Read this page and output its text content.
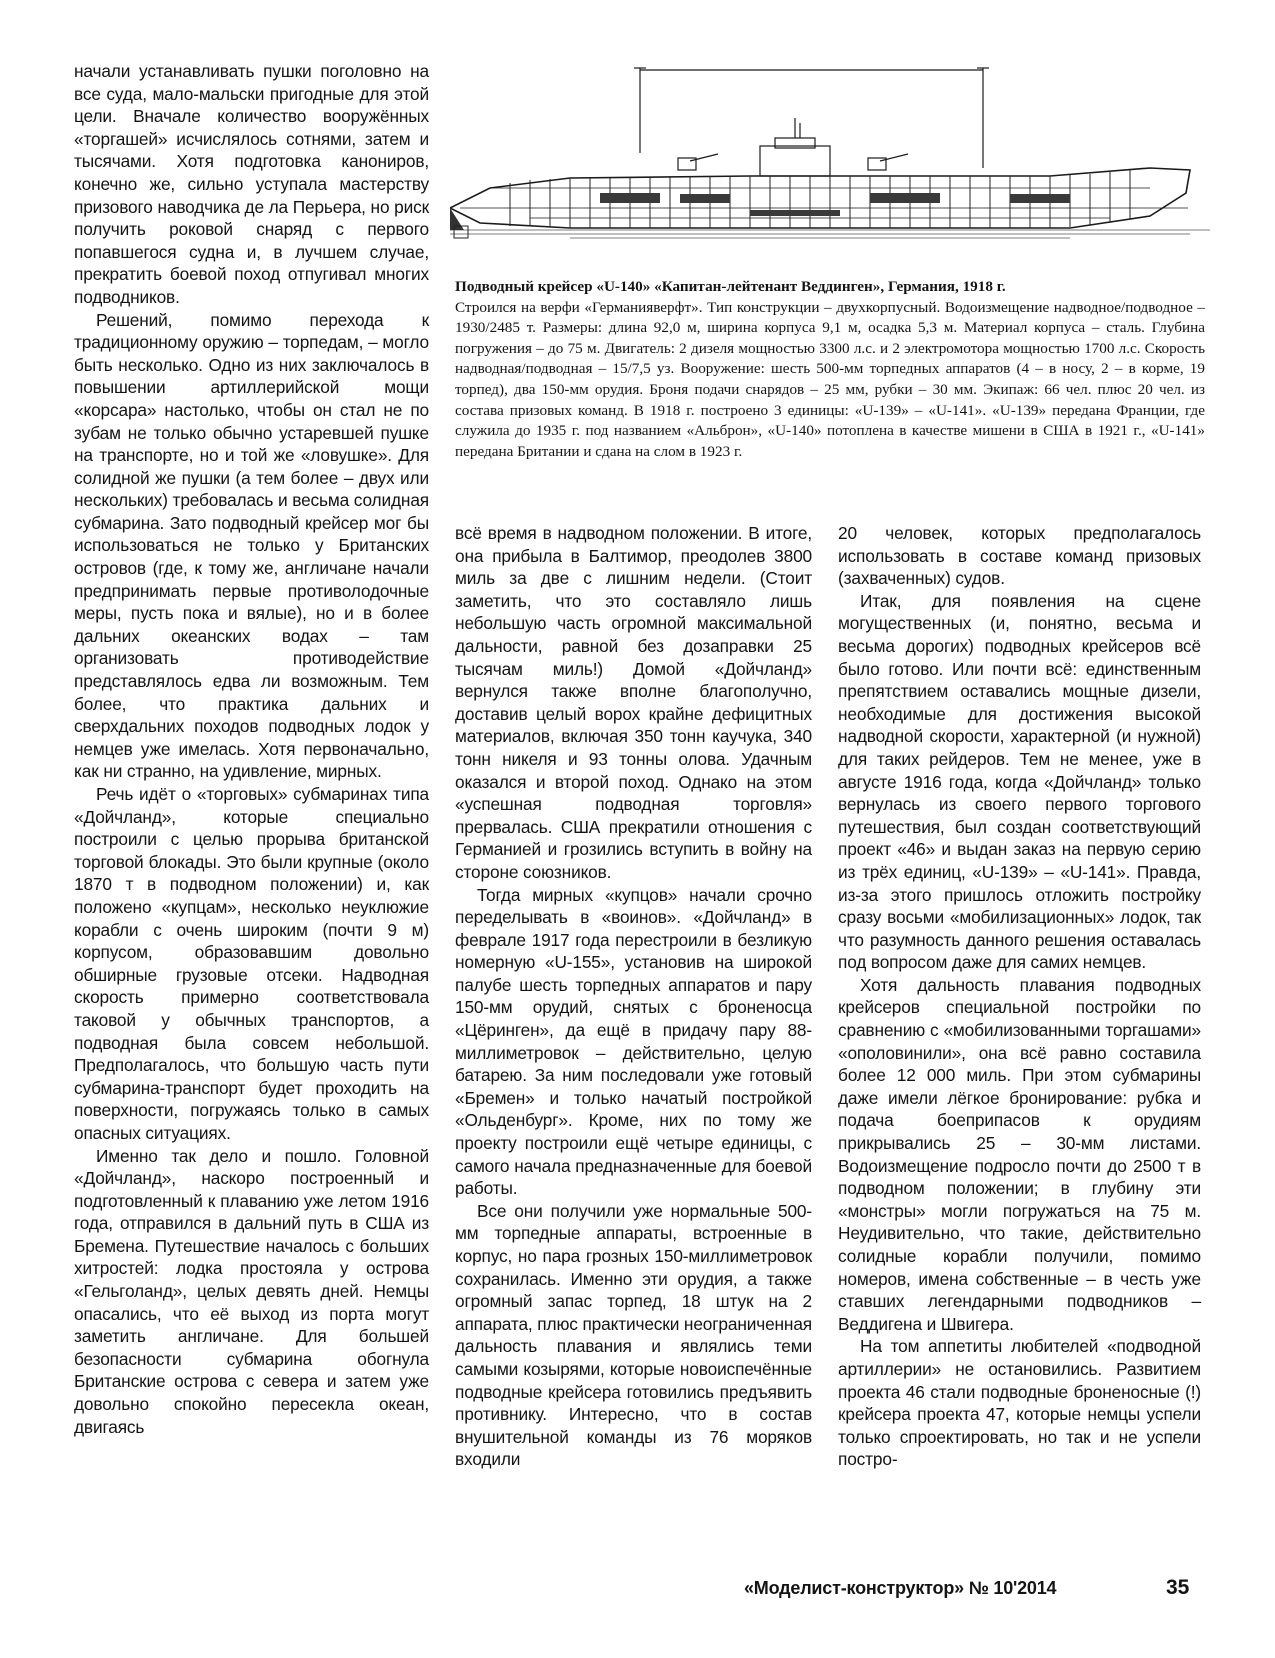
начали устанавливать пушки поголовно на все суда, мало-мальски пригодные для этой цели. Вначале количество вооружённых «торгашей» исчислялось сотнями, затем и тысячами. Хотя подготовка канониров, конечно же, сильно уступала мастерству призового наводчика де ла Перьера, но риск получить роковой снаряд с первого попавшегося судна и, в лучшем случае, прекратить боевой поход отпугивал многих подводников.

Решений, помимо перехода к традиционному оружию – торпедам, – могло быть несколько. Одно из них заключалось в повышении артиллерийской мощи «корсара» настолько, чтобы он стал не по зубам не только обычно устаревшей пушке на транспорте, но и той же «ловушке». Для солидной же пушки (а тем более – двух или нескольких) требовалась и весьма солидная субмарина. Зато подводный крейсер мог бы использоваться не только у Британских островов (где, к тому же, англичане начали предпринимать первые противолодочные меры, пусть пока и вялые), но и в более дальних океанских водах – там организовать противодействие представлялось едва ли возможным. Тем более, что практика дальних и сверхдальних походов подводных лодок у немцев уже имелась. Хотя первоначально, как ни странно, на удивление, мирных.

Речь идёт о «торговых» субмаринах типа «Дойчланд», которые специально построили с целью прорыва британской торговой блокады. Это были крупные (около 1870 т в подводном положении) и, как положено «купцам», несколько неуклюжие корабли с очень широким (почти 9 м) корпусом, образовавшим довольно обширные грузовые отсеки. Надводная скорость примерно соответствовала таковой у обычных транспортов, а подводная была совсем небольшой. Предполагалось, что большую часть пути субмарина-транспорт будет проходить на поверхности, погружаясь только в самых опасных ситуациях.

Именно так дело и пошло. Головной «Дойчланд», наскоро построенный и подготовленный к плаванию уже летом 1916 года, отправился в дальний путь в США из Бремена. Путешествие началось с больших хитростей: лодка простояла у острова «Гельголанд», целых девять дней. Немцы опасались, что её выход из порта могут заметить англичане. Для большей безопасности субмарина обогнула Британские острова с севера и затем уже довольно спокойно пересекла океан, двигаясь

Подводный крейсер «U-140» «Капитан-лейтенант Веддинген», Германия, 1918 г.
Строился на верфи «Германияверфт». Тип конструкции – двухкорпусный. Водоизмещение надводное/подводное – 1930/2485 т. Размеры: длина 92,0 м, ширина корпуса 9,1 м, осадка 5,3 м. Материал корпуса – сталь. Глубина погружения – до 75 м. Двигатель: 2 дизеля мощностью 3300 л.с. и 2 электромотора мощностью 1700 л.с. Скорость надводная/подводная – 15/7,5 уз. Вооружение: шесть 500-мм торпедных аппаратов (4 – в носу, 2 – в корме, 19 торпед), два 150-мм орудия. Броня подачи снарядов – 25 мм, рубки – 30 мм. Экипаж: 66 чел. плюс 20 чел. из состава призовых команд. В 1918 г. построено 3 единицы: «U-139» – «U-141». «U-139» передана Франции, где служила до 1935 г. под названием «Альброн», «U-140» потоплена в качестве мишени в США в 1921 г., «U-141» передана Британии и сдана на слом в 1923 г.

всё время в надводном положении. В итоге, она прибыла в Балтимор, преодолев 3800 миль за две с лишним недели. (Стоит заметить, что это составляло лишь небольшую часть огромной максимальной дальности, равной без дозаправки 25 тысячам миль!) Домой «Дойчланд» вернулся также вполне благополучно, доставив целый ворох крайне дефицитных материалов, включая 350 тонн каучука, 340 тонн никеля и 93 тонны олова. Удачным оказался и второй поход. Однако на этом «успешная подводная торговля» прервалась. США прекратили отношения с Германией и грозились вступить в войну на стороне союзников.

Тогда мирных «купцов» начали срочно переделывать в «воинов». «Дойчланд» в феврале 1917 года перестроили в безликую номерную «U-155», установив на широкой палубе шесть торпедных аппаратов и пару 150-мм орудий, снятых с броненосца «Цёринген», да ещё в придачу пару 88-миллиметровок – действительно, целую батарею. За ним последовали уже готовый «Бремен» и только начатый постройкой «Ольденбург». Кроме, них по тому же проекту построили ещё четыре единицы, с самого начала предназначенные для боевой работы.

Все они получили уже нормальные 500-мм торпедные аппараты, встроенные в корпус, но пара грозных 150-миллиметровок сохранилась. Именно эти орудия, а также огромный запас торпед, 18 штук на 2 аппарата, плюс практически неограниченная дальность плавания и являлись теми самыми козырями, которые новоиспечённые подводные крейсера готовились предъявить противнику. Интересно, что в состав внушительной команды из 76 моряков входили

20 человек, которых предполагалось использовать в составе команд призовых (захваченных) судов.

Итак, для появления на сцене могущественных (и, понятно, весьма и весьма дорогих) подводных крейсеров всё было готово. Или почти всё: единственным препятствием оставались мощные дизели, необходимые для достижения высокой надводной скорости, характерной (и нужной) для таких рейдеров. Тем не менее, уже в августе 1916 года, когда «Дойчланд» только вернулась из своего первого торгового путешествия, был создан соответствующий проект «46» и выдан заказ на первую серию из трёх единиц, «U-139» – «U-141». Правда, из-за этого пришлось отложить постройку сразу восьми «мобилизационных» лодок, так что разумность данного решения оставалась под вопросом даже для самих немцев.

Хотя дальность плавания подводных крейсеров специальной постройки по сравнению с «мобилизованными торгашами» «ополовинили», она всё равно составила более 12 000 миль. При этом субмарины даже имели лёгкое бронирование: рубка и подача боеприпасов к орудиям прикрывались 25 – 30-мм листами. Водоизмещение подросло почти до 2500 т в подводном положении; в глубину эти «монстры» могли погружаться на 75 м. Неудивительно, что такие, действительно солидные корабли получили, помимо номеров, имена собственные – в честь уже ставших легендарными подводников – Веддигена и Швигера.

На том аппетиты любителей «подводной артиллерии» не остановились. Развитием проекта 46 стали подводные броненосные (!) крейсера проекта 47, которые немцы успели только спроектировать, но так и не успели постро-

«Моделист-конструктор» № 10'2014	35
